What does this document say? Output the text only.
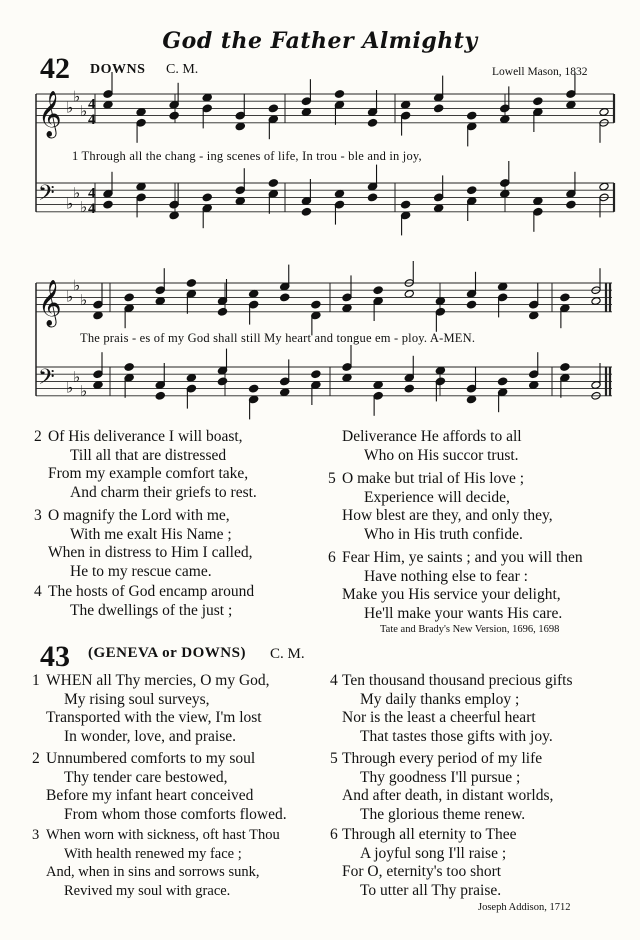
God the Father Almighty
42 DOWNS C. M.	Lowell Mason, 1832
𝄞 ♭
♭
♭ 4
4
𝄢 ♭
♭
♭
4
4
𝄞 ♭
♭
♭
𝄢 ♭
♭
♭
1 Through all the chang - ing scenes of life, In trou - ble and in joy,
The prais - es of my God shall still My heart and tongue em - ploy. A-MEN.
2 Of His deliverance I will boast,
Till all that are distressed
From my example comfort take,
And charm their griefs to rest.
3 O magnify the Lord with me,
With me exalt His Name ;
When in distress to Him I called,
He to my rescue came.
4 The hosts of God encamp around
The dwellings of the just ;
Deliverance He affords to all
Who on His succor trust.
5 O make but trial of His love ;
Experience will decide,
How blest are they, and only they,
Who in His truth confide.
6 Fear Him, ye saints ; and you will then
Have nothing else to fear :
Make you His service your delight,
He'll make your wants His care.
Tate and Brady's New Version, 1696, 1698
43 (GENEVA or DOWNS) C. M.
1 WHEN all Thy mercies, O my God,
My rising soul surveys,
Transported with the view, I'm lost
In wonder, love, and praise.
2 Unnumbered comforts to my soul
Thy tender care bestowed,
Before my infant heart conceived
From whom those comforts flowed.
3 When worn with sickness, oft hast Thou
With health renewed my face ;
And, when in sins and sorrows sunk,
Revived my soul with grace.
4 Ten thousand thousand precious gifts
My daily thanks employ ;
Nor is the least a cheerful heart
That tastes those gifts with joy.
5 Through every period of my life
Thy goodness I'll pursue ;
And after death, in distant worlds,
The glorious theme renew.
6 Through all eternity to Thee
A joyful song I'll raise ;
For O, eternity's too short
To utter all Thy praise.
Joseph Addison, 1712
